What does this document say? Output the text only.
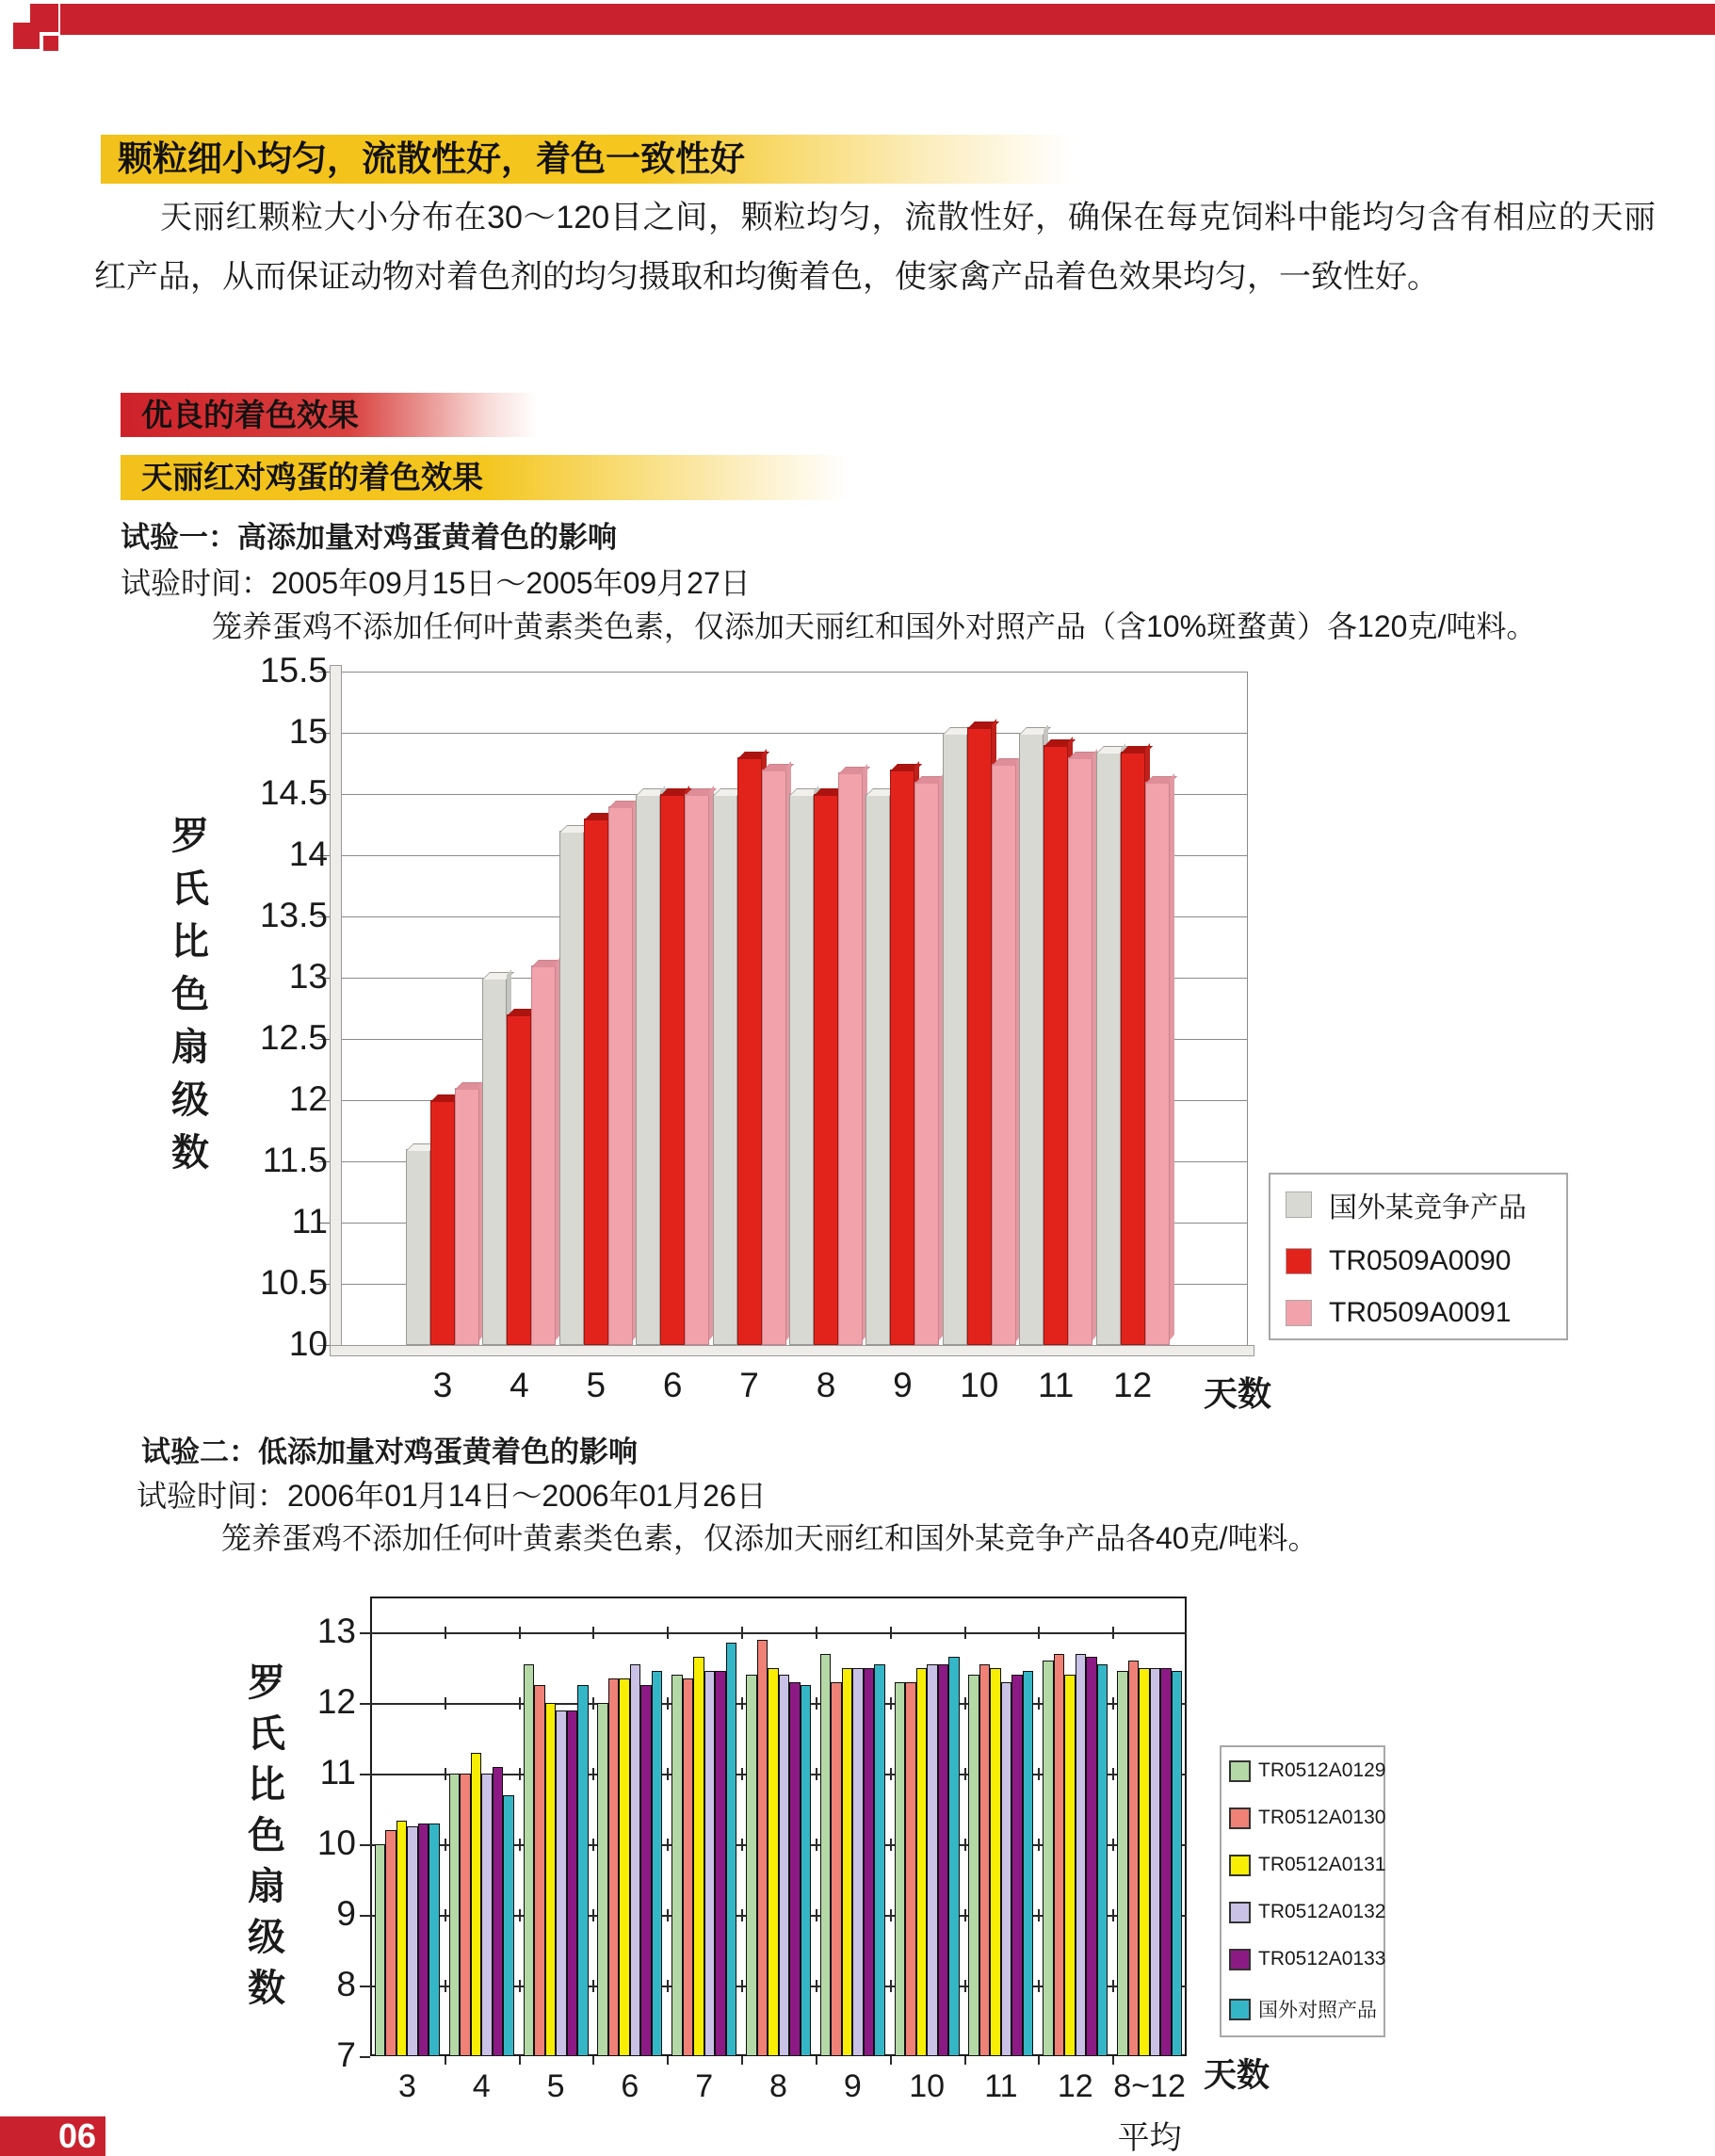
颗粒细小均匀，流散性好，着色一致性好
天丽红颗粒大小分布在30～120目之间，颗粒均匀，流散性好，确保在每克饲料中能均匀含有相应的天丽红产品，从而保证动物对着色剂的均匀摄取和均衡着色，使家禽产品着色效果均匀，一致性好。
优良的着色效果
天丽红对鸡蛋的着色效果
试验一：高添加量对鸡蛋黄着色的影响
试验时间：2005年09月15日～2005年09月27日
笼养蛋鸡不添加任何叶黄素类色素，仅添加天丽红和国外对照产品（含10%斑蝥黄）各120克/吨料。
10
10.5
11
11.5
12
12.5
13
13.5
14
14.5
15
15.5
3	4	5	6	7	8	9	10	11	12	天数
罗
氏
比
色
扇
级
数
国外某竞争产品
TR0509A0090
TR0509A0091
试验二：低添加量对鸡蛋黄着色的影响
试验时间：2006年01月14日～2006年01月26日
笼养蛋鸡不添加任何叶黄素类色素，仅添加天丽红和国外某竞争产品各40克/吨料。
7
8
9
10
11
12
13
3	4	5	6	7	8	9	10	11	12 8~12
平均
天数
罗
氏
比
色
扇
级
数
TR0512A0129
TR0512A0130
TR0512A0131
TR0512A0132
TR0512A0133
国外对照产品
06
